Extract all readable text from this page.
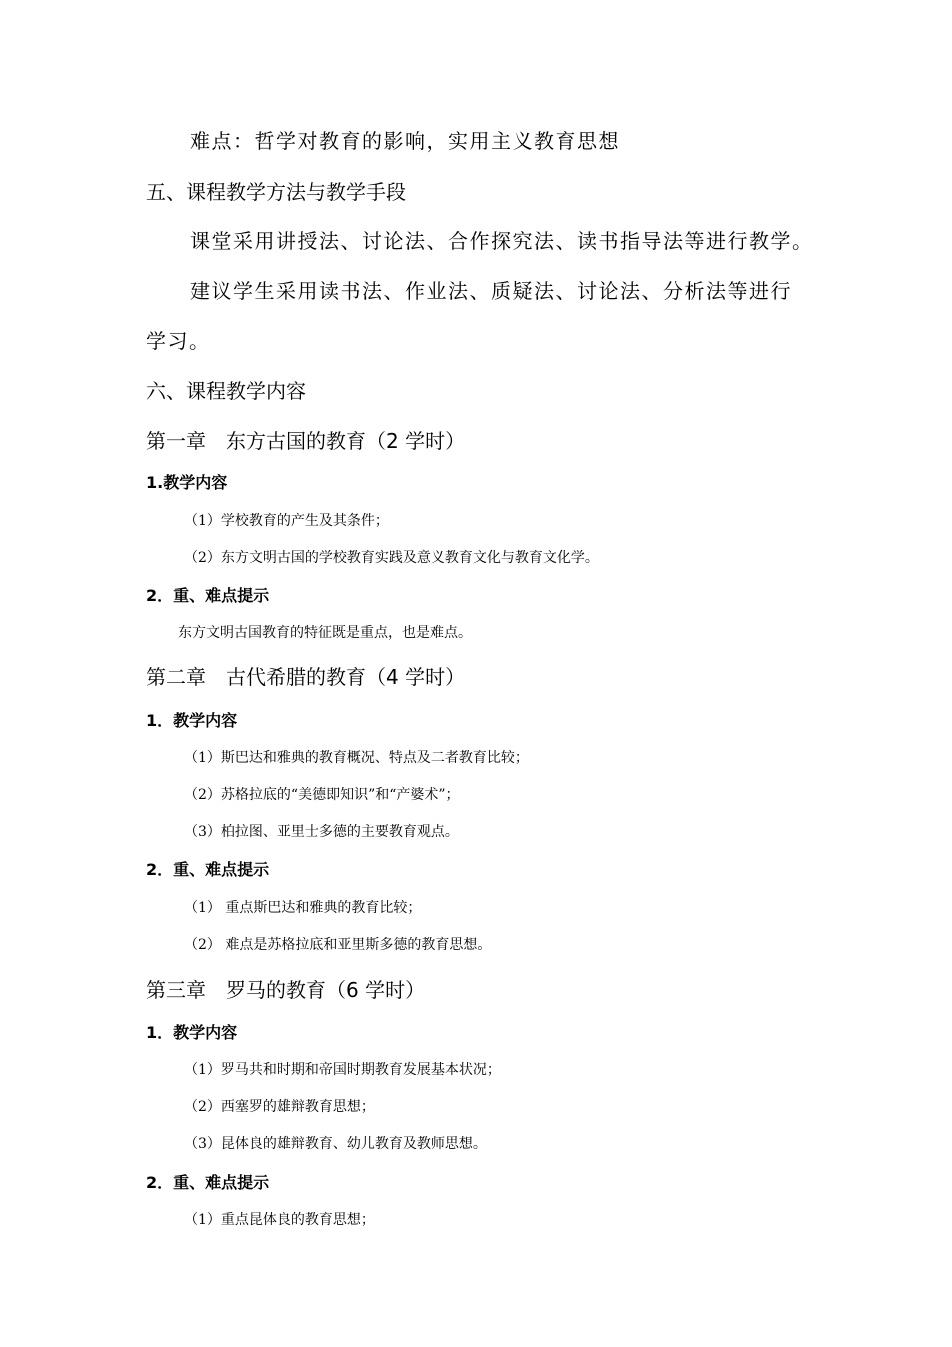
难点：哲学对教育的影响，实用主义教育思想
五、课程教学方法与教学手段
课堂采用讲授法、讨论法、合作探究法、读书指导法等进行教学。
建议学生采用读书法、作业法、质疑法、讨论法、分析法等进行
学习。
六、课程教学内容
第一章 东方古国的教育（2 学时）
1.教学内容
（1）学校教育的产生及其条件；
（2）东方文明古国的学校教育实践及意义教育文化与教育文化学。
2．重、难点提示
东方文明古国教育的特征既是重点，也是难点。
第二章 古代希腊的教育（4 学时）
1．教学内容
（1）斯巴达和雅典的教育概况、特点及二者教育比较；
（2）苏格拉底的“美德即知识”和“产婆术”；
（3）柏拉图、亚里士多德的主要教育观点。
2．重、难点提示
（1） 重点斯巴达和雅典的教育比较；
（2） 难点是苏格拉底和亚里斯多德的教育思想。
第三章 罗马的教育（6 学时）
1．教学内容
（1）罗马共和时期和帝国时期教育发展基本状况；
（2）西塞罗的雄辩教育思想；
（3）昆体良的雄辩教育、幼儿教育及教师思想。
2．重、难点提示
（1）重点昆体良的教育思想；
